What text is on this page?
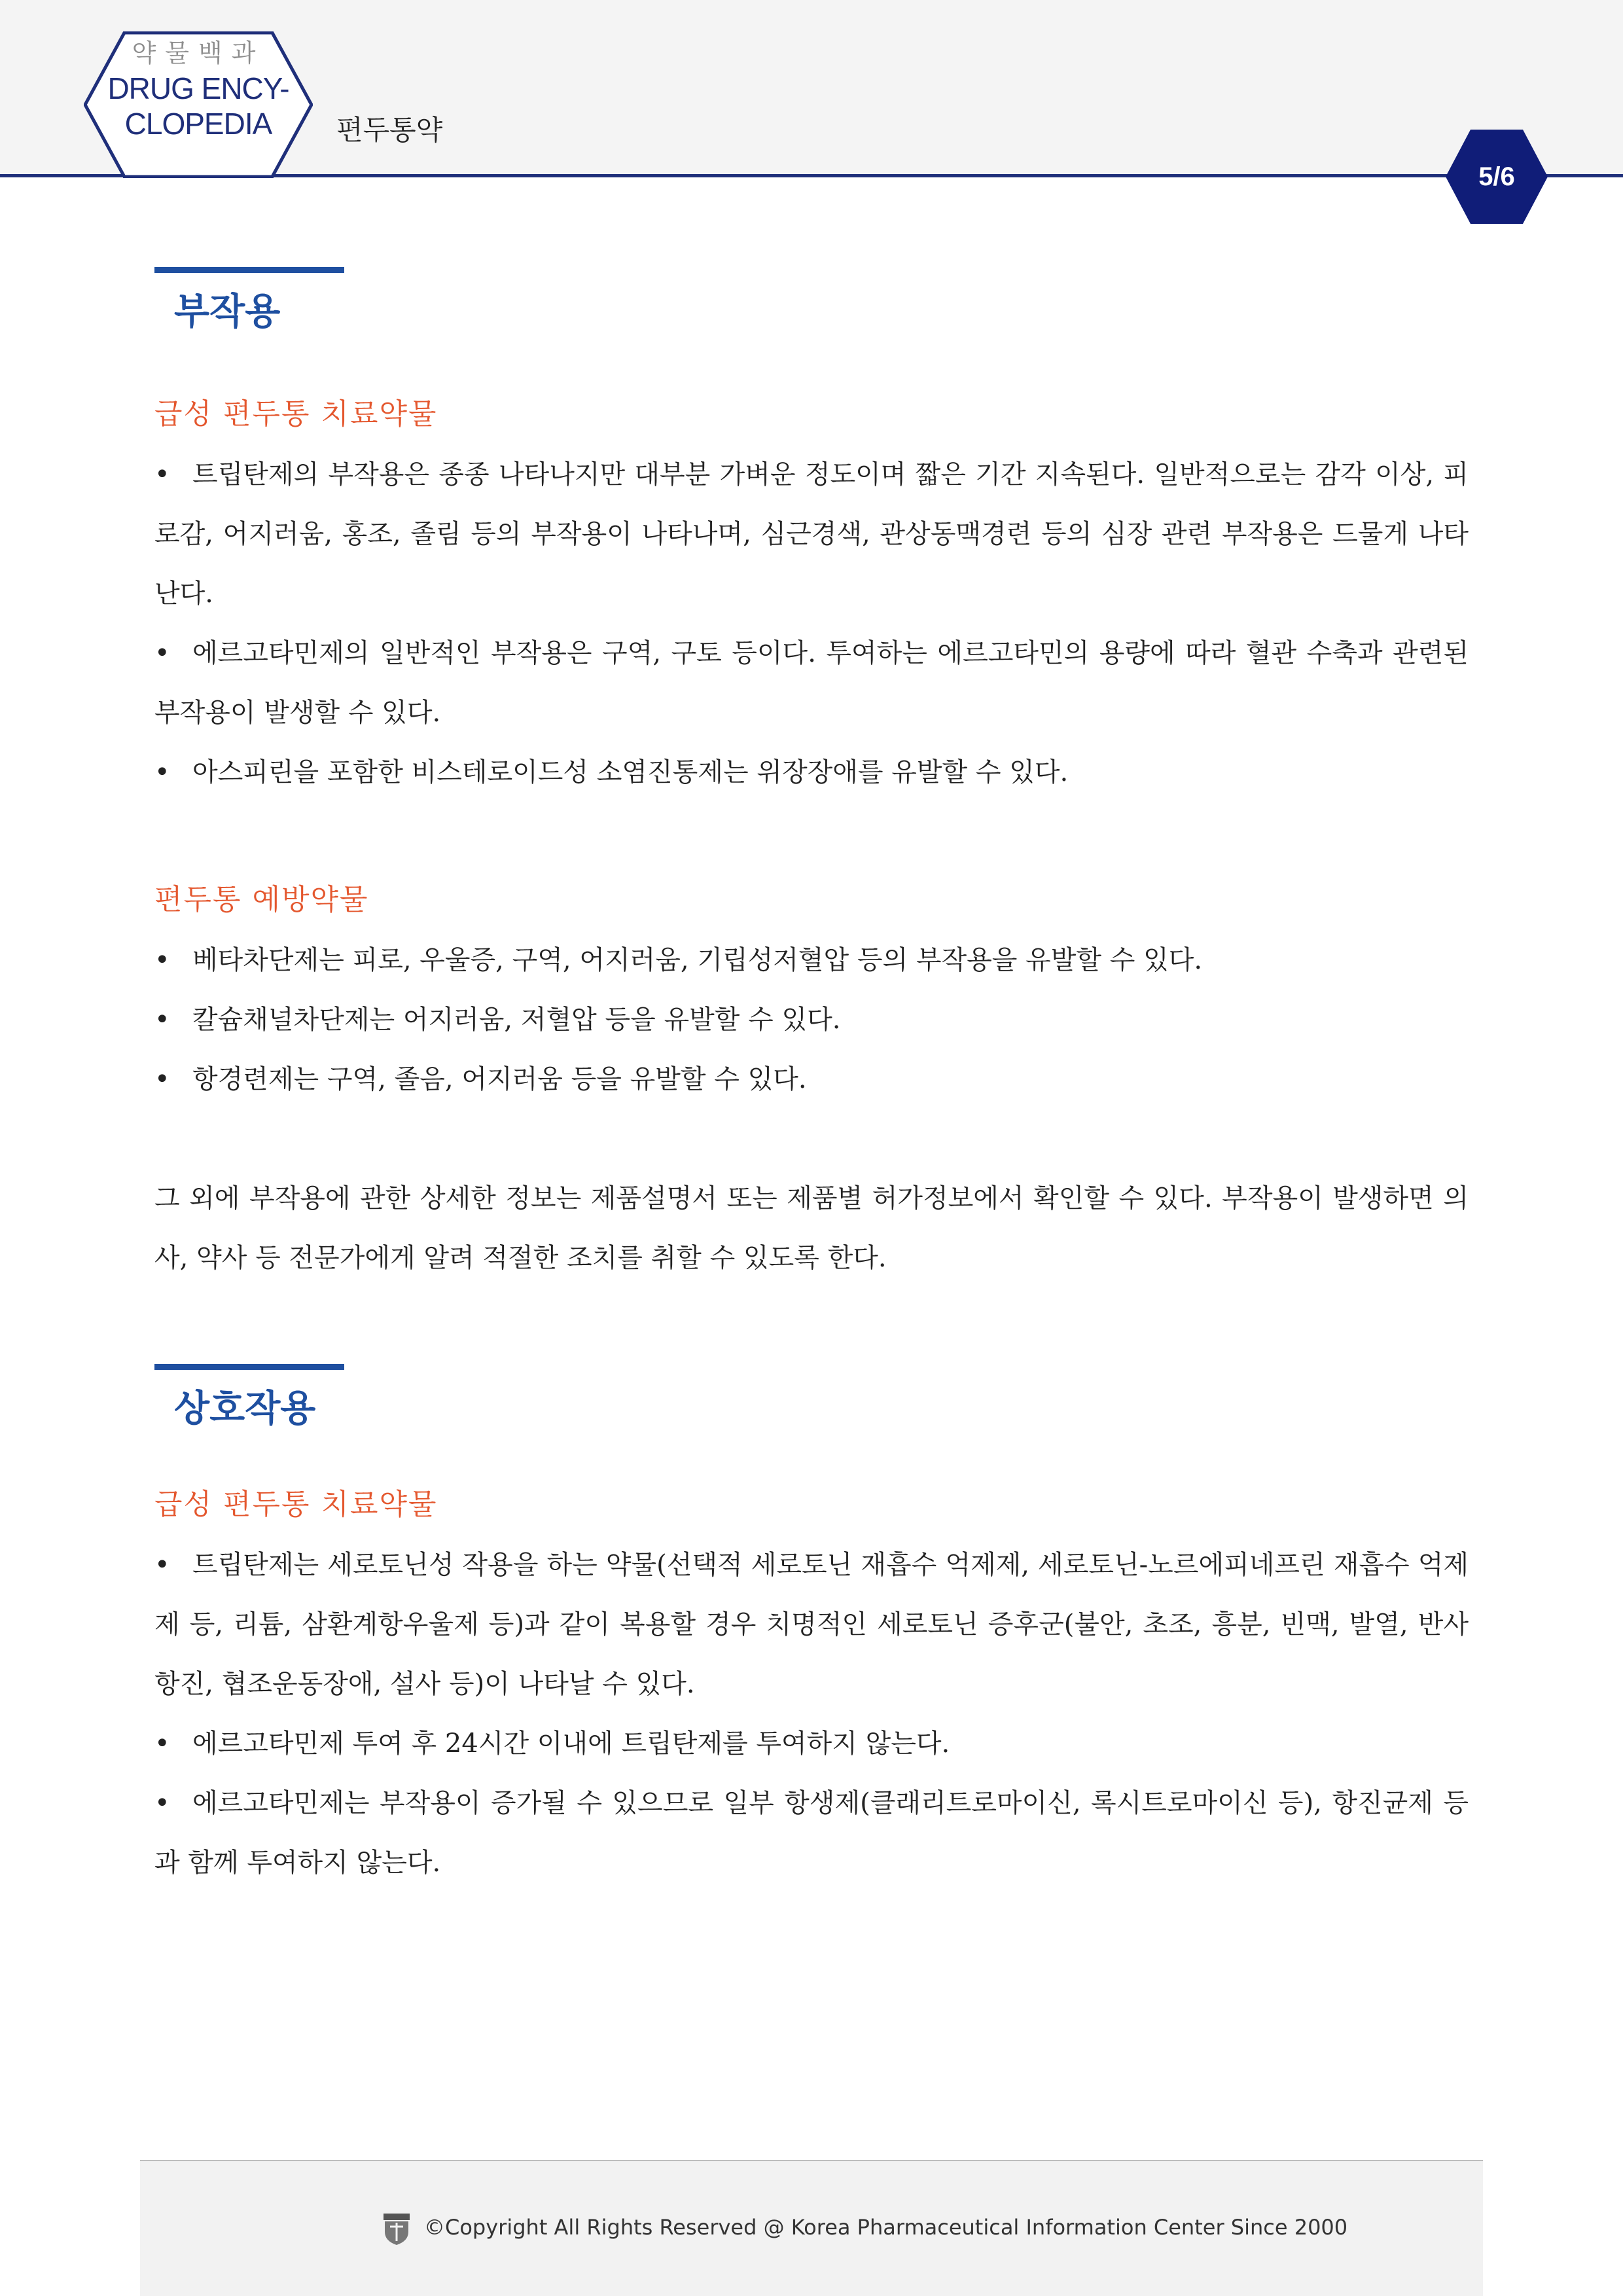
약물백과
DRUG ENCY-
CLOPEDIA	편두통약
5/6
부작용
급성 편두통 치료약물
• 트립탄제의 부작용은 종종 나타나지만 대부분 가벼운 정도이며 짧은 기간 지속된다. 일반적으로는 감각 이상, 피로감, 어지러움, 홍조, 졸림 등의 부작용이 나타나며, 심근경색, 관상동맥경련 등의 심장 관련 부작용은 드물게 나타난다.
• 에르고타민제의 일반적인 부작용은 구역, 구토 등이다. 투여하는 에르고타민의 용량에 따라 혈관 수축과 관련된 부작용이 발생할 수 있다.
• 아스피린을 포함한 비스테로이드성 소염진통제는 위장장애를 유발할 수 있다.
편두통 예방약물
• 베타차단제는 피로, 우울증, 구역, 어지러움, 기립성저혈압 등의 부작용을 유발할 수 있다.
• 칼슘채널차단제는 어지러움, 저혈압 등을 유발할 수 있다.
• 항경련제는 구역, 졸음, 어지러움 등을 유발할 수 있다.
그 외에 부작용에 관한 상세한 정보는 제품설명서 또는 제품별 허가정보에서 확인할 수 있다. 부작용이 발생하면 의사, 약사 등 전문가에게 알려 적절한 조치를 취할 수 있도록 한다.
상호작용
급성 편두통 치료약물
• 트립탄제는 세로토닌성 작용을 하는 약물(선택적 세로토닌 재흡수 억제제, 세로토닌-노르에피네프린 재흡수 억제제 등, 리튬, 삼환계항우울제 등)과 같이 복용할 경우 치명적인 세로토닌 증후군(불안, 초조, 흥분, 빈맥, 발열, 반사항진, 협조운동장애, 설사 등)이 나타날 수 있다.
• 에르고타민제 투여 후 24시간 이내에 트립탄제를 투여하지 않는다.
• 에르고타민제는 부작용이 증가될 수 있으므로 일부 항생제(클래리트로마이신, 록시트로마이신 등), 항진균제 등과 함께 투여하지 않는다.
©Copyright All Rights Reserved @ Korea Pharmaceutical Information Center Since 2000
